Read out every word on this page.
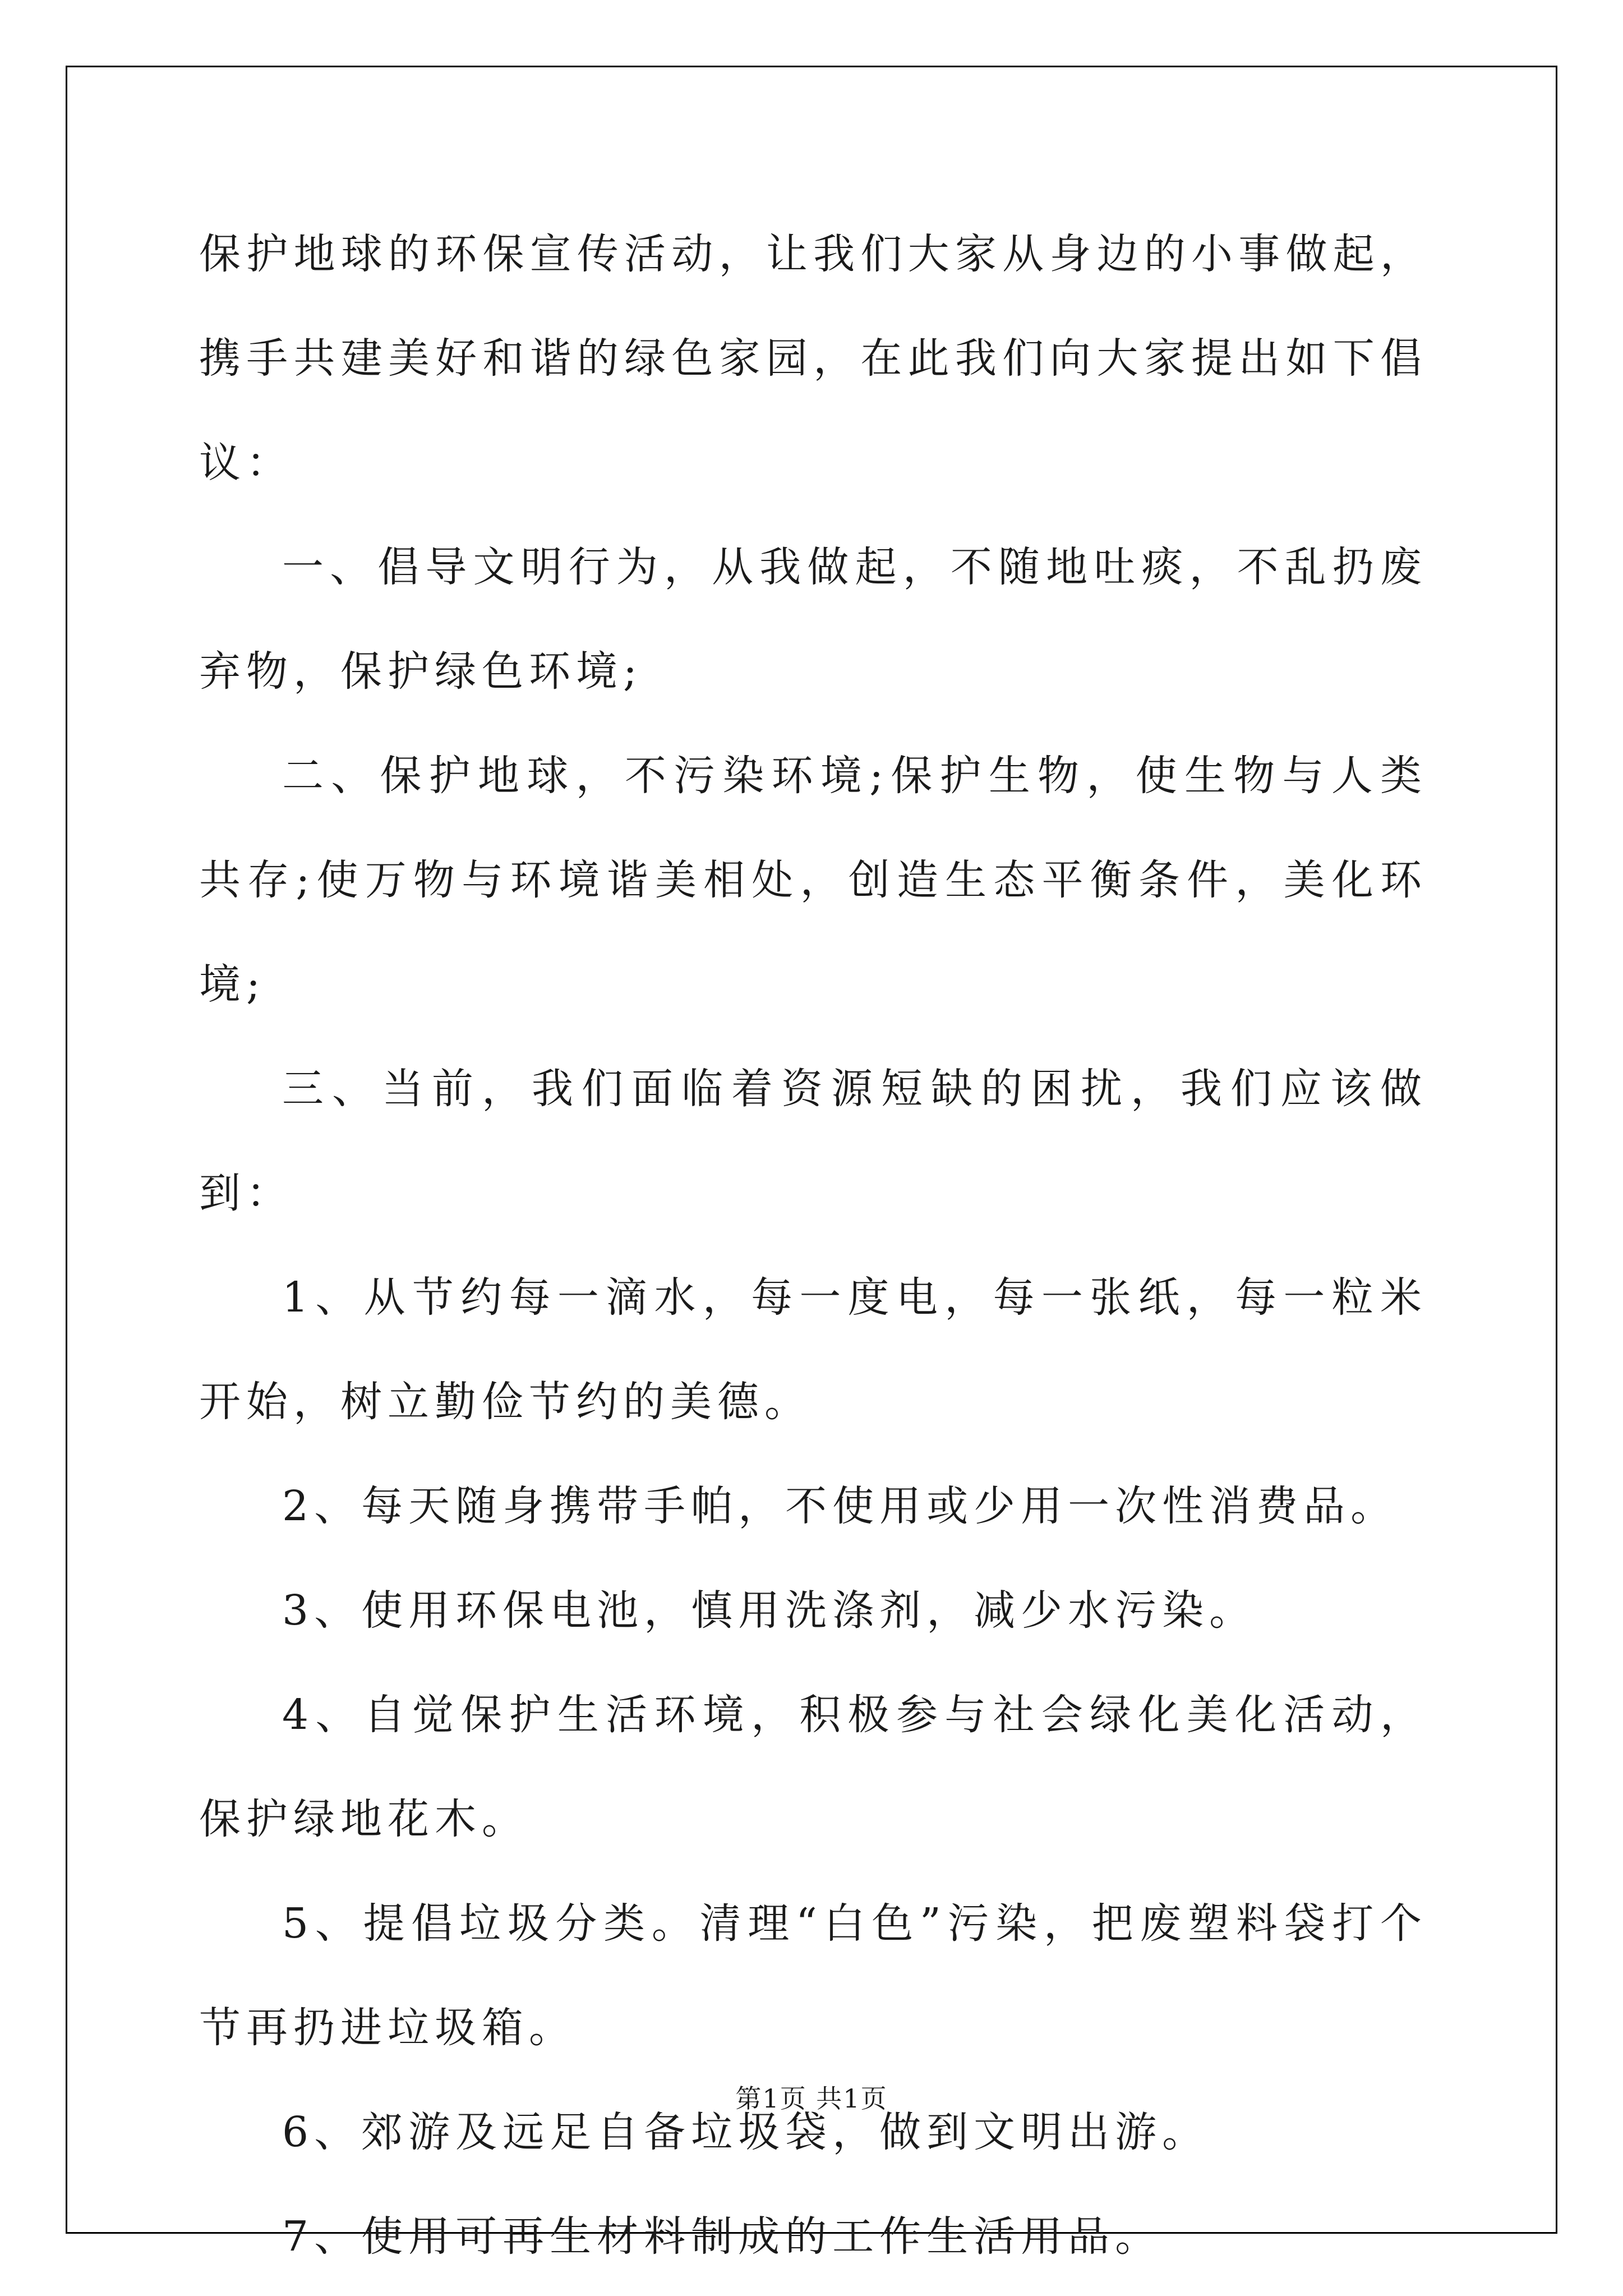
保护地球的环保宣传活动，让我们大家从身边的小事做起，携手共建美好和谐的绿色家园，在此我们向大家提出如下倡议：

一、倡导文明行为，从我做起，不随地吐痰，不乱扔废弃物，保护绿色环境;

二、保护地球，不污染环境;保护生物，使生物与人类共存;使万物与环境谐美相处，创造生态平衡条件，美化环境;

三、当前，我们面临着资源短缺的困扰，我们应该做到：

1、从节约每一滴水，每一度电，每一张纸，每一粒米开始，树立勤俭节约的美德。

2、每天随身携带手帕，不使用或少用一次性消费品。

3、使用环保电池，慎用洗涤剂，减少水污染。

4、自觉保护生活环境，积极参与社会绿化美化活动，保护绿地花木。

5、提倡垃圾分类。清理“白色”污染，把废塑料袋打个节再扔进垃圾箱。

6、郊游及远足自备垃圾袋，做到文明出游。

7、使用可再生材料制成的工作生活用品。

第1页 共1页
